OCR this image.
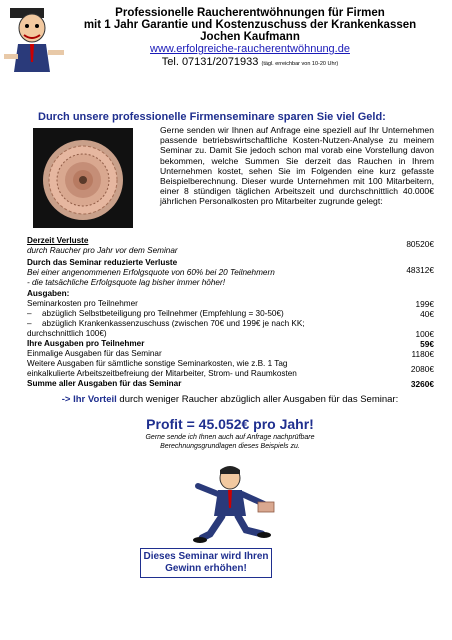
Professionelle Raucherentwöhnungen für Firmen

mit 1 Jahr Garantie und Kostenzuschuss der Krankenkassen

Jochen Kaufmann

www.erfolgreiche-raucherentwöhnung.de
Tel. 07131/2071933 (tägl. erreichbar von 10-20 Uhr)
Durch unsere professionelle Firmenseminare sparen Sie viel Geld:
Gerne senden wir Ihnen auf Anfrage eine speziell auf Ihr Unternehmen passende betriebswirtschaftliche Kosten-Nutzen-Analyse zu meinem Seminar zu. Damit Sie jedoch schon mal vorab eine Vorstellung davon bekommen, welche Summen Sie derzeit das Rauchen in Ihrem Unternehmen kostet, sehen Sie im Folgenden eine kurz gefasste Beispielberechnung. Dieser wurde Unternehmen mit 100 Mitarbeitern, einer 8 stündigen täglichen Arbeitszeit und durchschnittlich 40.000€ jährlichen Personalkosten pro Mitarbeiter zugrunde gelegt:
Derzeit Verluste
durch Raucher pro Jahr vor dem Seminar
80520€
Durch das Seminar reduzierte Verluste
Bei einer angenommenen Erfolgsquote von 60% bei 20 Teilnehmern
- die tatsächliche Erfolgsquote lag bisher immer höher!
48312€
Ausgaben:
Seminarkosten pro Teilnehmer	199€
– abzüglich Selbstbeteiligung pro Teilnehmer (Empfehlung = 30-50€)	40€
– abzüglich Krankenkassenzuschuss (zwischen 70€ und 199€ je nach KK;
durchschnittlich 100€)	100€
Ihre Ausgaben pro Teilnehmer	59€
Einmalige Ausgaben für das Seminar	1180€
Weitere Ausgaben für sämtliche sonstige Seminarkosten, wie z.B. 1 Tag
einkalkulierte Arbeitszeitbefreiung der Mitarbeiter, Strom- und Raumkosten	2080€
Summe aller Ausgaben für das Seminar	3260€
-> Ihr Vorteil durch weniger Raucher abzüglich aller Ausgaben für das Seminar:
Profit = 45.052€ pro Jahr!
Gerne sende ich Ihnen auch auf Anfrage nachprüfbare Berechnungsgrundlagen dieses Beispiels zu.
Dieses Seminar wird Ihren Gewinn erhöhen!
